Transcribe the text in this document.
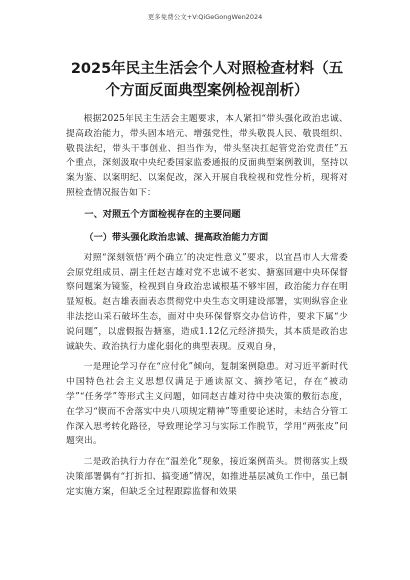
更多免费公文+V:QiGeGongWen2024
2025年民主生活会个人对照检查材料（五个方面反面典型案例检视剖析）

根据2025年民主生活会主题要求，本人紧扣“带头强化政治忠诚、提高政治能力，带头固本培元、增强党性，带头敬畏人民、敬畏组织、敬畏法纪，带头干事创业、担当作为，带头坚决扛起管党治党责任”五个重点，深刻汲取中央纪委国家监委通报的反面典型案例教训，坚持以案为鉴、以案明纪、以案促改，深入开展自我检视和党性分析，现将对照检查情况报告如下：

一、对照五个方面检视存在的主要问题
（一）带头强化政治忠诚、提高政治能力方面

对照“深刻领悟‘两个确立’的决定性意义”要求，以宜昌市人大常委会原党组成员、副主任赵吉雄对党不忠诚不老实、搪塞回避中央环保督察问题案为镜鉴，检视到自身政治忠诚根基不够牢固，政治能力存在明显短板。赵吉雄表面表态贯彻党中央生态文明建设部署，实则纵容企业非法挖山采石破坏生态，面对中央环保督察交办信访件，要求下属“少说问题”，以虚假报告搪塞，造成1.12亿元经济损失，其本质是政治忠诚缺失、政治执行力虚化弱化的典型表现。反观自身，

一是理论学习存在“应付化”倾向，复制案例隐患。对习近平新时代中国特色社会主义思想仅满足于通读原文、摘抄笔记，存在“被动学”“任务学”等形式主义问题，如同赵吉雄对待中央决策的敷衍态度，在学习“锲而不舍落实中央八项规定精神”等重要论述时，未结合分管工作深入思考转化路径，导致理论学习与实际工作脱节，学用“两张皮”问题突出。

二是政治执行力存在“温差化”现象，接近案例苗头。贯彻落实上级决策部署偶有“打折扣、搞变通”情况，如推进基层减负工作中，虽已制定实施方案，但缺乏全过程跟踪监督和效果
